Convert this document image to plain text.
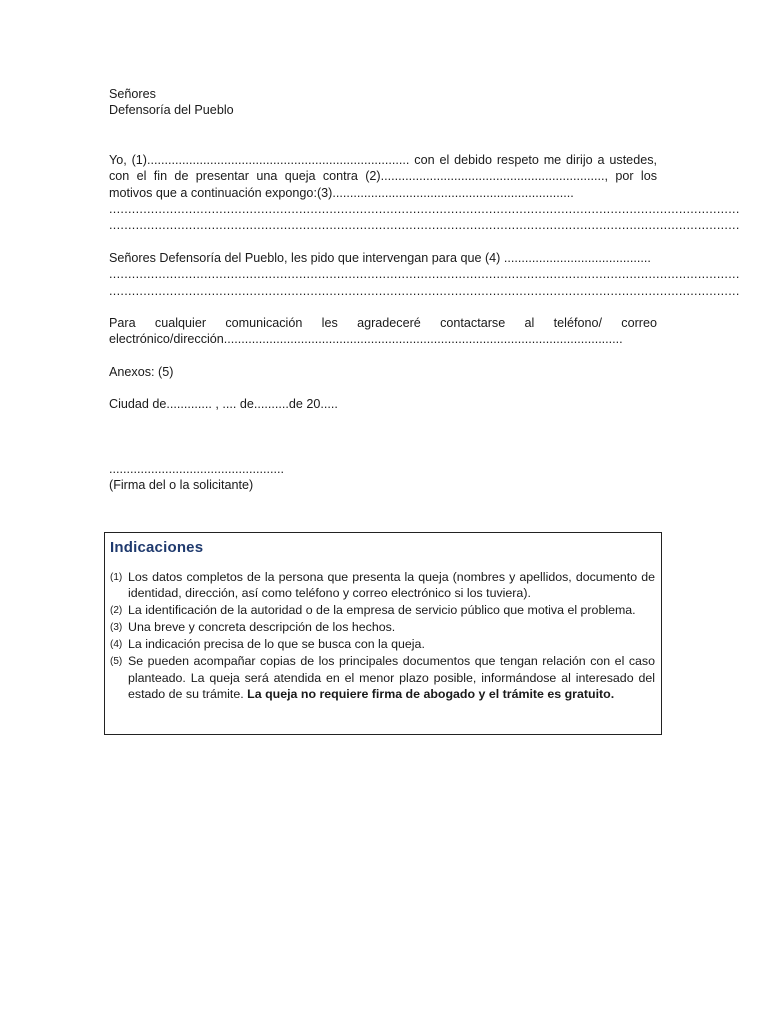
Señores

Defensoría del Pueblo

Yo, (1)........................................................................... con el debido respeto me dirijo a ustedes, con el fin de presentar una queja contra (2)................................................................, por los motivos que a continuación expongo:(3).....................................................................

......................................................................................................................................................................
......................................................................................................................................................................

Señores Defensoría del Pueblo, les pido que intervengan para que (4) ..........................................

......................................................................................................................................................................
......................................................................................................................................................................

Para cualquier comunicación les agradeceré contactarse al teléfono/ correo electrónico/dirección..................................................................................................................

Anexos: (5)

Ciudad de............. , .... de..........de 20.....

..................................................

(Firma del o la solicitante)

Indicaciones
(1) Los datos completos de la persona que presenta la queja (nombres y apellidos, documento de identidad, dirección, así como teléfono y correo electrónico si los tuviera).
(2) La identificación de la autoridad o de la empresa de servicio público que motiva el problema.
(3) Una breve y concreta descripción de los hechos.
(4) La indicación precisa de lo que se busca con la queja.
(5) Se pueden acompañar copias de los principales documentos que tengan relación con el caso planteado. La queja será atendida en el menor plazo posible, informándose al interesado del estado de su trámite. La queja no requiere firma de abogado y el trámite es gratuito.
